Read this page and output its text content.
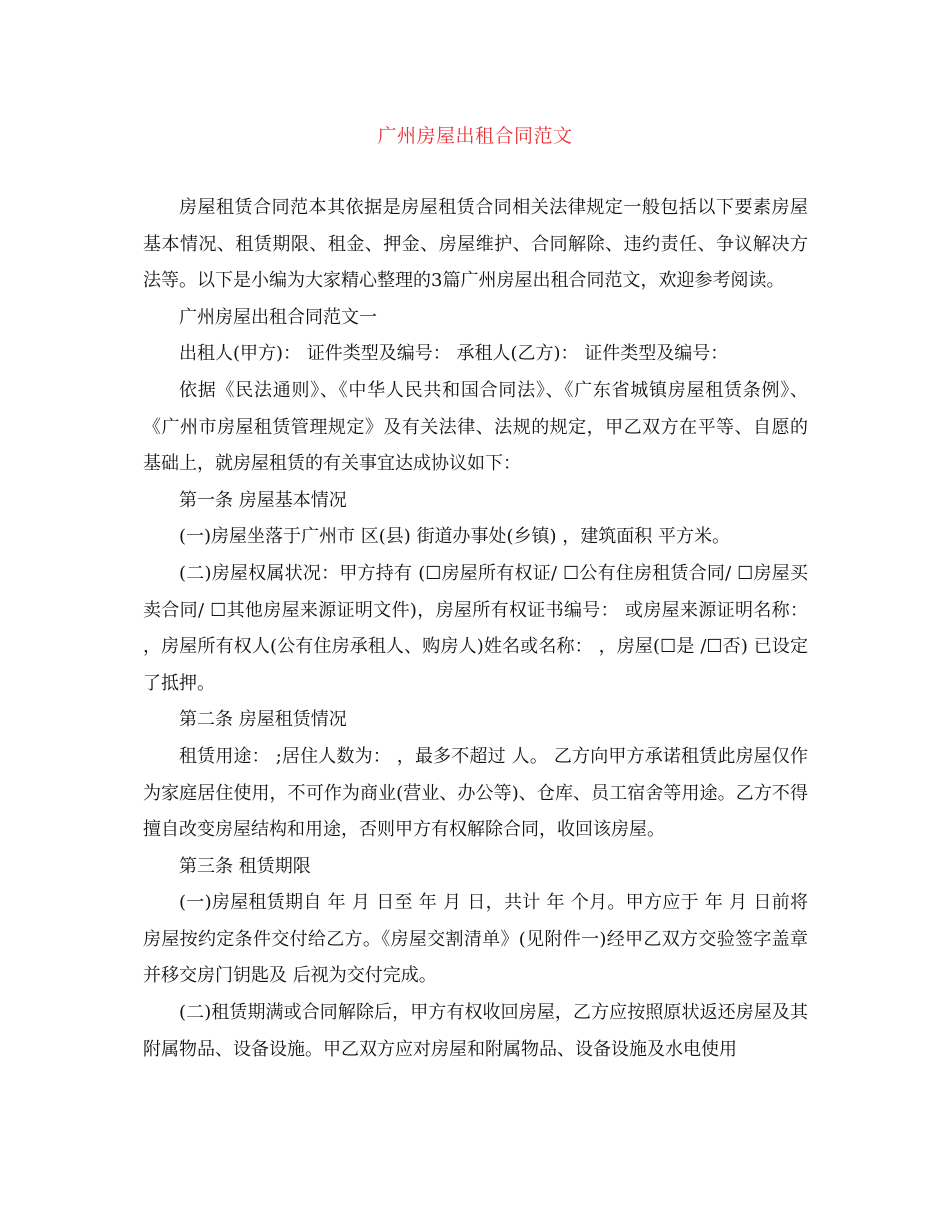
广州房屋出租合同范文

房屋租赁合同范本其依据是房屋租赁合同相关法律规定一般包括以下要素房屋基本情况、租赁期限、租金、押金、房屋维护、合同解除、违约责任、争议解决方法等。以下是小编为大家精心整理的3篇广州房屋出租合同范文，欢迎参考阅读。

广州房屋出租合同范文一

出租人(甲方)： 证件类型及编号： 承租人(乙方)： 证件类型及编号：

依据《民法通则》、《中华人民共和国合同法》、《广东省城镇房屋租赁条例》、《广州市房屋租赁管理规定》及有关法律、法规的规定，甲乙双方在平等、自愿的基础上，就房屋租赁的有关事宜达成协议如下：

第一条 房屋基本情况

(一)房屋坐落于广州市 区(县) 街道办事处(乡镇) ，建筑面积 平方米。

(二)房屋权属状况：甲方持有 (☐房屋所有权证/ ☐公有住房租赁合同/ ☐房屋买卖合同/ ☐其他房屋来源证明文件)，房屋所有权证书编号： 或房屋来源证明名称： ，房屋所有权人(公有住房承租人、购房人)姓名或名称： ，房屋(☐是 /☐否) 已设定了抵押。

第二条 房屋租赁情况

租赁用途： ;居住人数为： ，最多不超过 人。 乙方向甲方承诺租赁此房屋仅作为家庭居住使用，不可作为商业(营业、办公等)、仓库、员工宿舍等用途。乙方不得擅自改变房屋结构和用途，否则甲方有权解除合同，收回该房屋。

第三条 租赁期限

(一)房屋租赁期自 年 月 日至 年 月 日，共计 年 个月。甲方应于 年 月 日前将房屋按约定条件交付给乙方。《房屋交割清单》(见附件一)经甲乙双方交验签字盖章并移交房门钥匙及 后视为交付完成。

(二)租赁期满或合同解除后，甲方有权收回房屋，乙方应按照原状返还房屋及其附属物品、设备设施。甲乙双方应对房屋和附属物品、设备设施及水电使用
